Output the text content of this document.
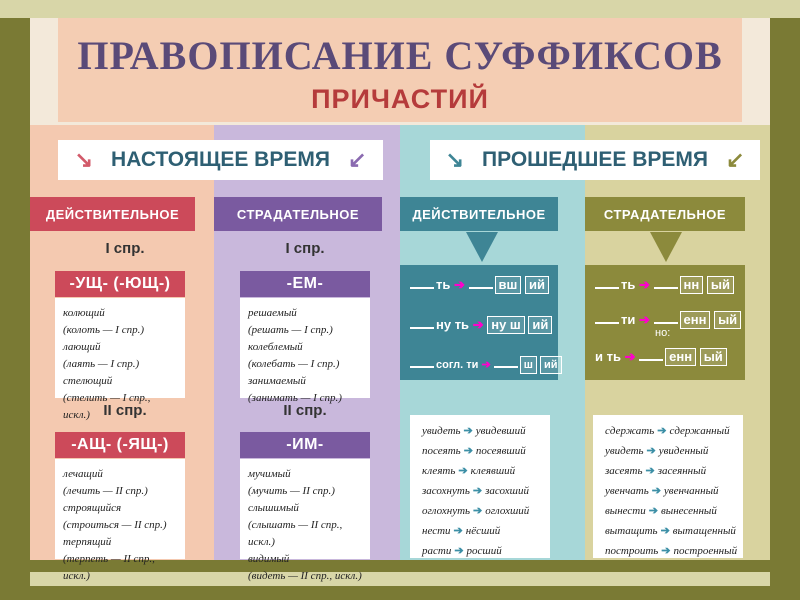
ПРАВОПИСАНИЕ СУФФИКСОВ
ПРИЧАСТИЙ
↘ НАСТОЯЩЕЕ ВРЕМЯ ↙	↘ ПРОШЕДШЕЕ ВРЕМЯ ↙
ДЕЙСТВИТЕЛЬНОЕ	СТРАДАТЕЛЬНОЕ	ДЕЙСТВИТЕЛЬНОЕ	СТРАДАТЕЛЬНОЕ
I спр.
-УЩ- (-ЮЩ-)
колющий
(колоть — I спр.)
лающий
(лаять — I спр.)
стелющий
(стелить — I спр., искл.) II спр.
-АЩ- (-ЯЩ-)
лечащий
(лечить — II спр.)
строящийся
(строиться — II спр.)
терпящий
(терпеть — II спр., искл.)
I спр.
-ЕМ-
решаемый
(решать — I спр.)
колеблемый
(колебать — I спр.)
занимаемый
(занимать — I спр.)
II спр.
-ИМ-
мучимый
(мучить — II спр.)
слышимый
(слышать — II спр., искл.)
видимый
(видеть — II спр., искл.)
ть ➔	вш ий
ну ть ➔ ну ш ий
согл. ти ➔	ш ий
увидеть ➔ увидевший
посеять ➔ посеявший
клеять ➔ клеявший
засохнуть ➔ засохший
оглохнуть ➔ оглохший
нести ➔ нёсший
расти ➔ росший
ть ➔	нн ый
ти ➔	енн ый
но:
и ть ➔	енн ый
сдержать ➔ сдержанный
увидеть ➔ увиденный
засеять ➔ засеянный
увенчать ➔ увенчанный
вынести ➔ вынесенный
вытащить ➔ вытащенный
построить ➔ построенный
